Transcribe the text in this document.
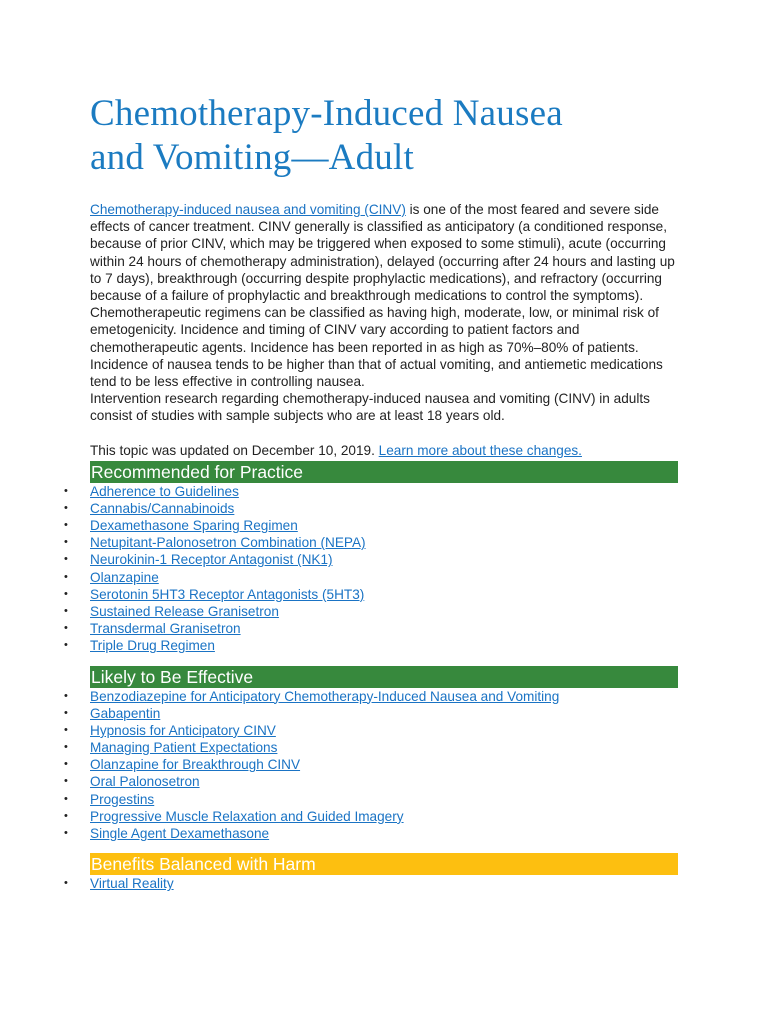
Chemotherapy-Induced Nausea
and Vomiting—Adult

Chemotherapy-induced nausea and vomiting (CINV) is one of the most feared and severe side effects of cancer treatment. CINV generally is classified as anticipatory (a conditioned response, because of prior CINV, which may be triggered when exposed to some stimuli), acute (occurring within 24 hours of chemotherapy administration), delayed (occurring after 24 hours and lasting up to 7 days), breakthrough (occurring despite prophylactic medications), and refractory (occurring because of a failure of prophylactic and breakthrough medications to control the symptoms). Chemotherapeutic regimens can be classified as having high, moderate, low, or minimal risk of emetogenicity. Incidence and timing of CINV vary according to patient factors and chemotherapeutic agents. Incidence has been reported in as high as 70%–80% of patients. Incidence of nausea tends to be higher than that of actual vomiting, and antiemetic medications tend to be less effective in controlling nausea.

Intervention research regarding chemotherapy-induced nausea and vomiting (CINV) in adults consist of studies with sample subjects who are at least 18 years old.

This topic was updated on December 10, 2019. Learn more about these changes.
Recommended for Practice
• Adherence to Guidelines
• Cannabis/Cannabinoids
• Dexamethasone Sparing Regimen
• Netupitant-Palonosetron Combination (NEPA)
• Neurokinin-1 Receptor Antagonist (NK1)
• Olanzapine
• Serotonin 5HT3 Receptor Antagonists (5HT3)
• Sustained Release Granisetron
• Transdermal Granisetron
• Triple Drug Regimen
Likely to Be Effective
• Benzodiazepine for Anticipatory Chemotherapy-Induced Nausea and Vomiting
• Gabapentin
• Hypnosis for Anticipatory CINV
• Managing Patient Expectations
• Olanzapine for Breakthrough CINV
• Oral Palonosetron
• Progestins
• Progressive Muscle Relaxation and Guided Imagery
• Single Agent Dexamethasone
Benefits Balanced with Harm
• Virtual Reality
